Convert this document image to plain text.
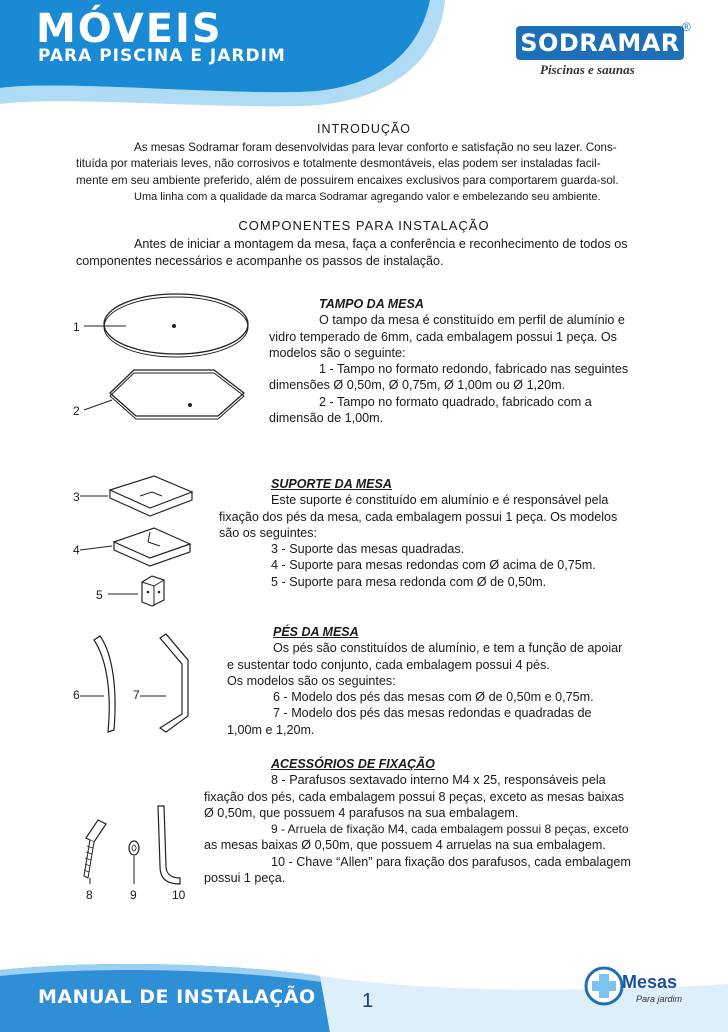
MÓVEIS
PARA PISCINA E JARDIM	SODRAMAR
®
Piscinas e saunas
INTRODUÇÃO
As mesas Sodramar foram desenvolvidas para levar conforto e satisfação no seu lazer. Cons-
tituída por materiais leves, não corrosivos e totalmente desmontáveis, elas podem ser instaladas facil-
mente em seu ambiente preferido, além de possuirem encaixes exclusivos para comportarem guarda-sol.
Uma linha com a qualidade da marca Sodramar agregando valor e embelezando seu ambiente.
COMPONENTES PARA INSTALAÇÃO
Antes de iniciar a montagem da mesa, faça a conferência e reconhecimento de todos os
componentes necessários e acompanhe os passos de instalação.
1
2
TAMPO DA MESA
O tampo da mesa é constituído em perfil de alumínio e
vidro temperado de 6mm, cada embalagem possui 1 peça. Os
modelos são o seguinte:
1 - Tampo no formato redondo, fabricado nas seguintes
dimensões Ø 0,50m, Ø 0,75m, Ø 1,00m ou Ø 1,20m.
2 - Tampo no formato quadrado, fabricado com a
dimensão de 1,00m.
3
4
5
SUPORTE DA MESA
Este suporte é constituído em alumínio e é responsável pela
fixação dos pés da mesa, cada embalagem possui 1 peça. Os modelos
são os seguintes:
3 - Suporte das mesas quadradas.
4 - Suporte para mesas redondas com Ø acima de 0,75m.
5 - Suporte para mesa redonda com Ø de 0,50m.
6	7
PÉS DA MESA
Os pés são constituídos de alumínio, e tem a função de apoiar
e sustentar todo conjunto, cada embalagem possui 4 pés.
Os modelos são os seguintes:
6 - Modelo dos pés das mesas com Ø de 0,50m e 0,75m.
7 - Modelo dos pés das mesas redondas e quadradas de
1,00m e 1,20m.
8	9	10
ACESSÓRIOS DE FIXAÇÃO
8 - Parafusos sextavado interno M4 x 25, responsáveis pela
fixação dos pés, cada embalagem possui 8 peças, exceto as mesas baixas
Ø 0,50m, que possuem 4 parafusos na sua embalagem.
9 - Arruela de fixação M4, cada embalagem possui 8 peças, exceto
as mesas baixas Ø 0,50m, que possuem 4 arruelas na sua embalagem.
10 - Chave “Allen” para fixação dos parafusos, cada embalagem
possui 1 peça.
MANUAL DE INSTALAÇÃO 1
Mesas
Para jardim
